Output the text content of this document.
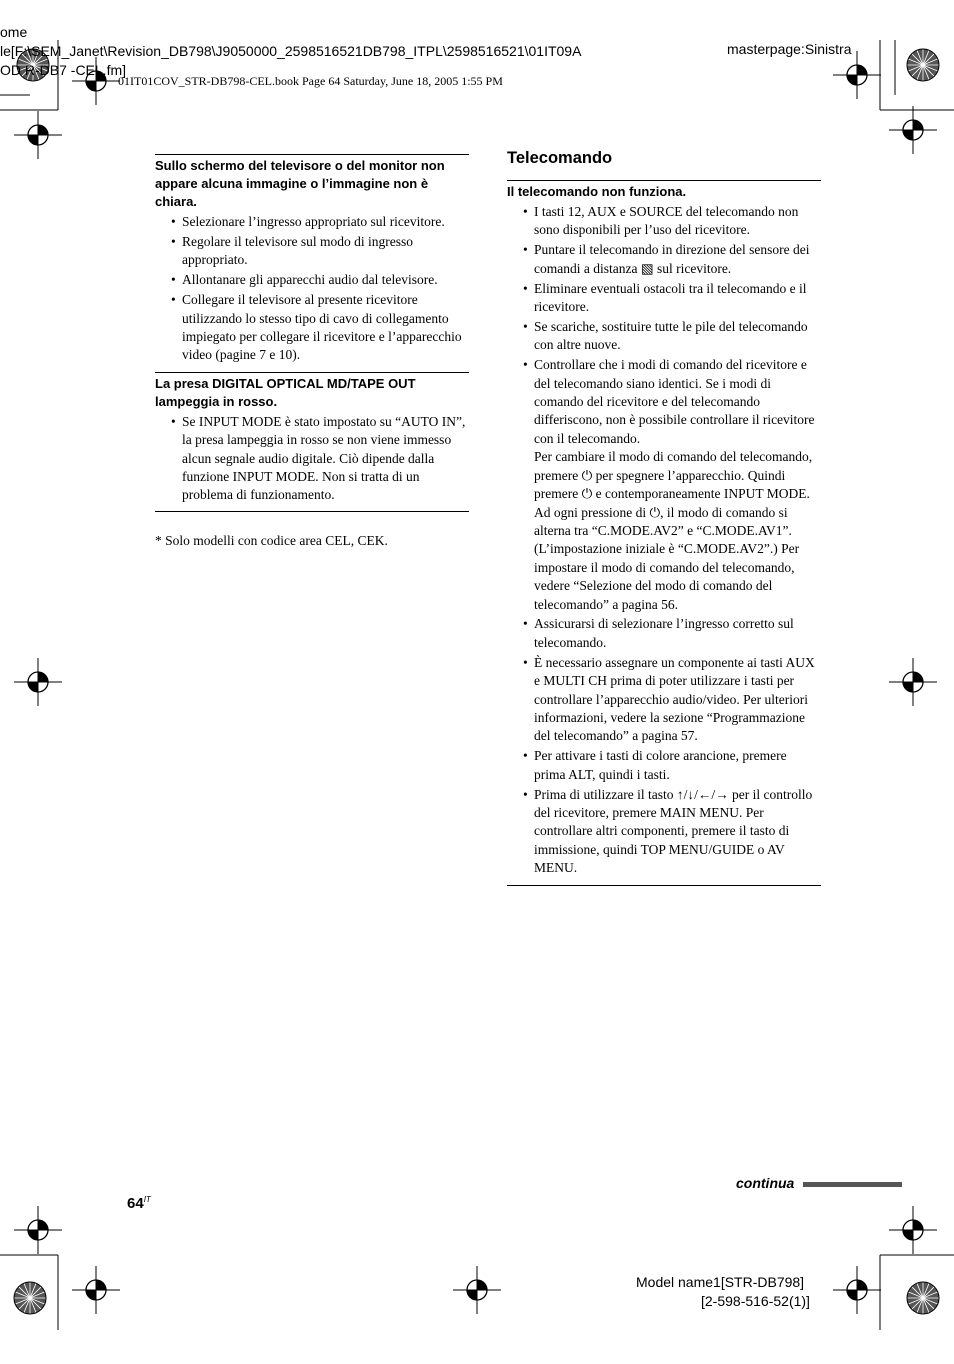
ome
le[F:\SEM_Janet\Revision_DB798\J9050000_2598516521DB798_ITPL\2598516521\01IT09A
OD R-DB7 -CEL.fm]
01IT01COV_STR-DB798-CEL.book Page 64 Saturday, June 18, 2005 1:55 PM
masterpage:Sinistra
Sullo schermo del televisore o del monitor non appare alcuna immagine o l’immagine non è chiara.
• Selezionare l’ingresso appropriato sul ricevitore.
• Regolare il televisore sul modo di ingresso appropriato.
• Allontanare gli apparecchi audio dal televisore.
• Collegare il televisore al presente ricevitore utilizzando lo stesso tipo di cavo di collegamento impiegato per collegare il ricevitore e l’apparecchio video (pagine 7 e 10).
La presa DIGITAL OPTICAL MD/TAPE OUT lampeggia in rosso.
• Se INPUT MODE è stato impostato su “AUTO IN”, la presa lampeggia in rosso se non viene immesso alcun segnale audio digitale. Ciò dipende dalla funzione INPUT MODE. Non si tratta di un problema di funzionamento.

* Solo modelli con codice area CEL, CEK.

Telecomando
Il telecomando non funziona.
• I tasti 12, AUX e SOURCE del telecomando non sono disponibili per l’uso del ricevitore.
• Puntare il telecomando in direzione del sensore dei comandi a distanza ▧ sul ricevitore.
• Eliminare eventuali ostacoli tra il telecomando e il ricevitore.
• Se scariche, sostituire tutte le pile del telecomando con altre nuove.
• Controllare che i modi di comando del ricevitore e del telecomando siano identici. Se i modi di comando del ricevitore e del telecomando differiscono, non è possibile controllare il ricevitore con il telecomando.
Per cambiare il modo di comando del telecomando, premere ⏻ per spegnere l’apparecchio. Quindi premere ⏻ e contemporaneamente INPUT MODE. Ad ogni pressione di ⏻, il modo di comando si alterna tra “C.MODE.AV2” e “C.MODE.AV1”. (L’impostazione iniziale è “C.MODE.AV2”.) Per impostare il modo di comando del telecomando, vedere “Selezione del modo di comando del telecomando” a pagina 56.
• Assicurarsi di selezionare l’ingresso corretto sul telecomando.
• È necessario assegnare un componente ai tasti AUX e MULTI CH prima di poter utilizzare i tasti per controllare l’apparecchio audio/video. Per ulteriori informazioni, vedere la sezione “Programmazione del telecomando” a pagina 57.
• Per attivare i tasti di colore arancione, premere prima ALT, quindi i tasti.
• Prima di utilizzare il tasto ↑/↓/←/→ per il controllo del ricevitore, premere MAIN MENU. Per controllare altri componenti, premere il tasto di immissione, quindi TOP MENU/GUIDE o AV MENU.
continua
$64^{IT}$
Model name1[STR-DB798]
[2-598-516-52(1)]
